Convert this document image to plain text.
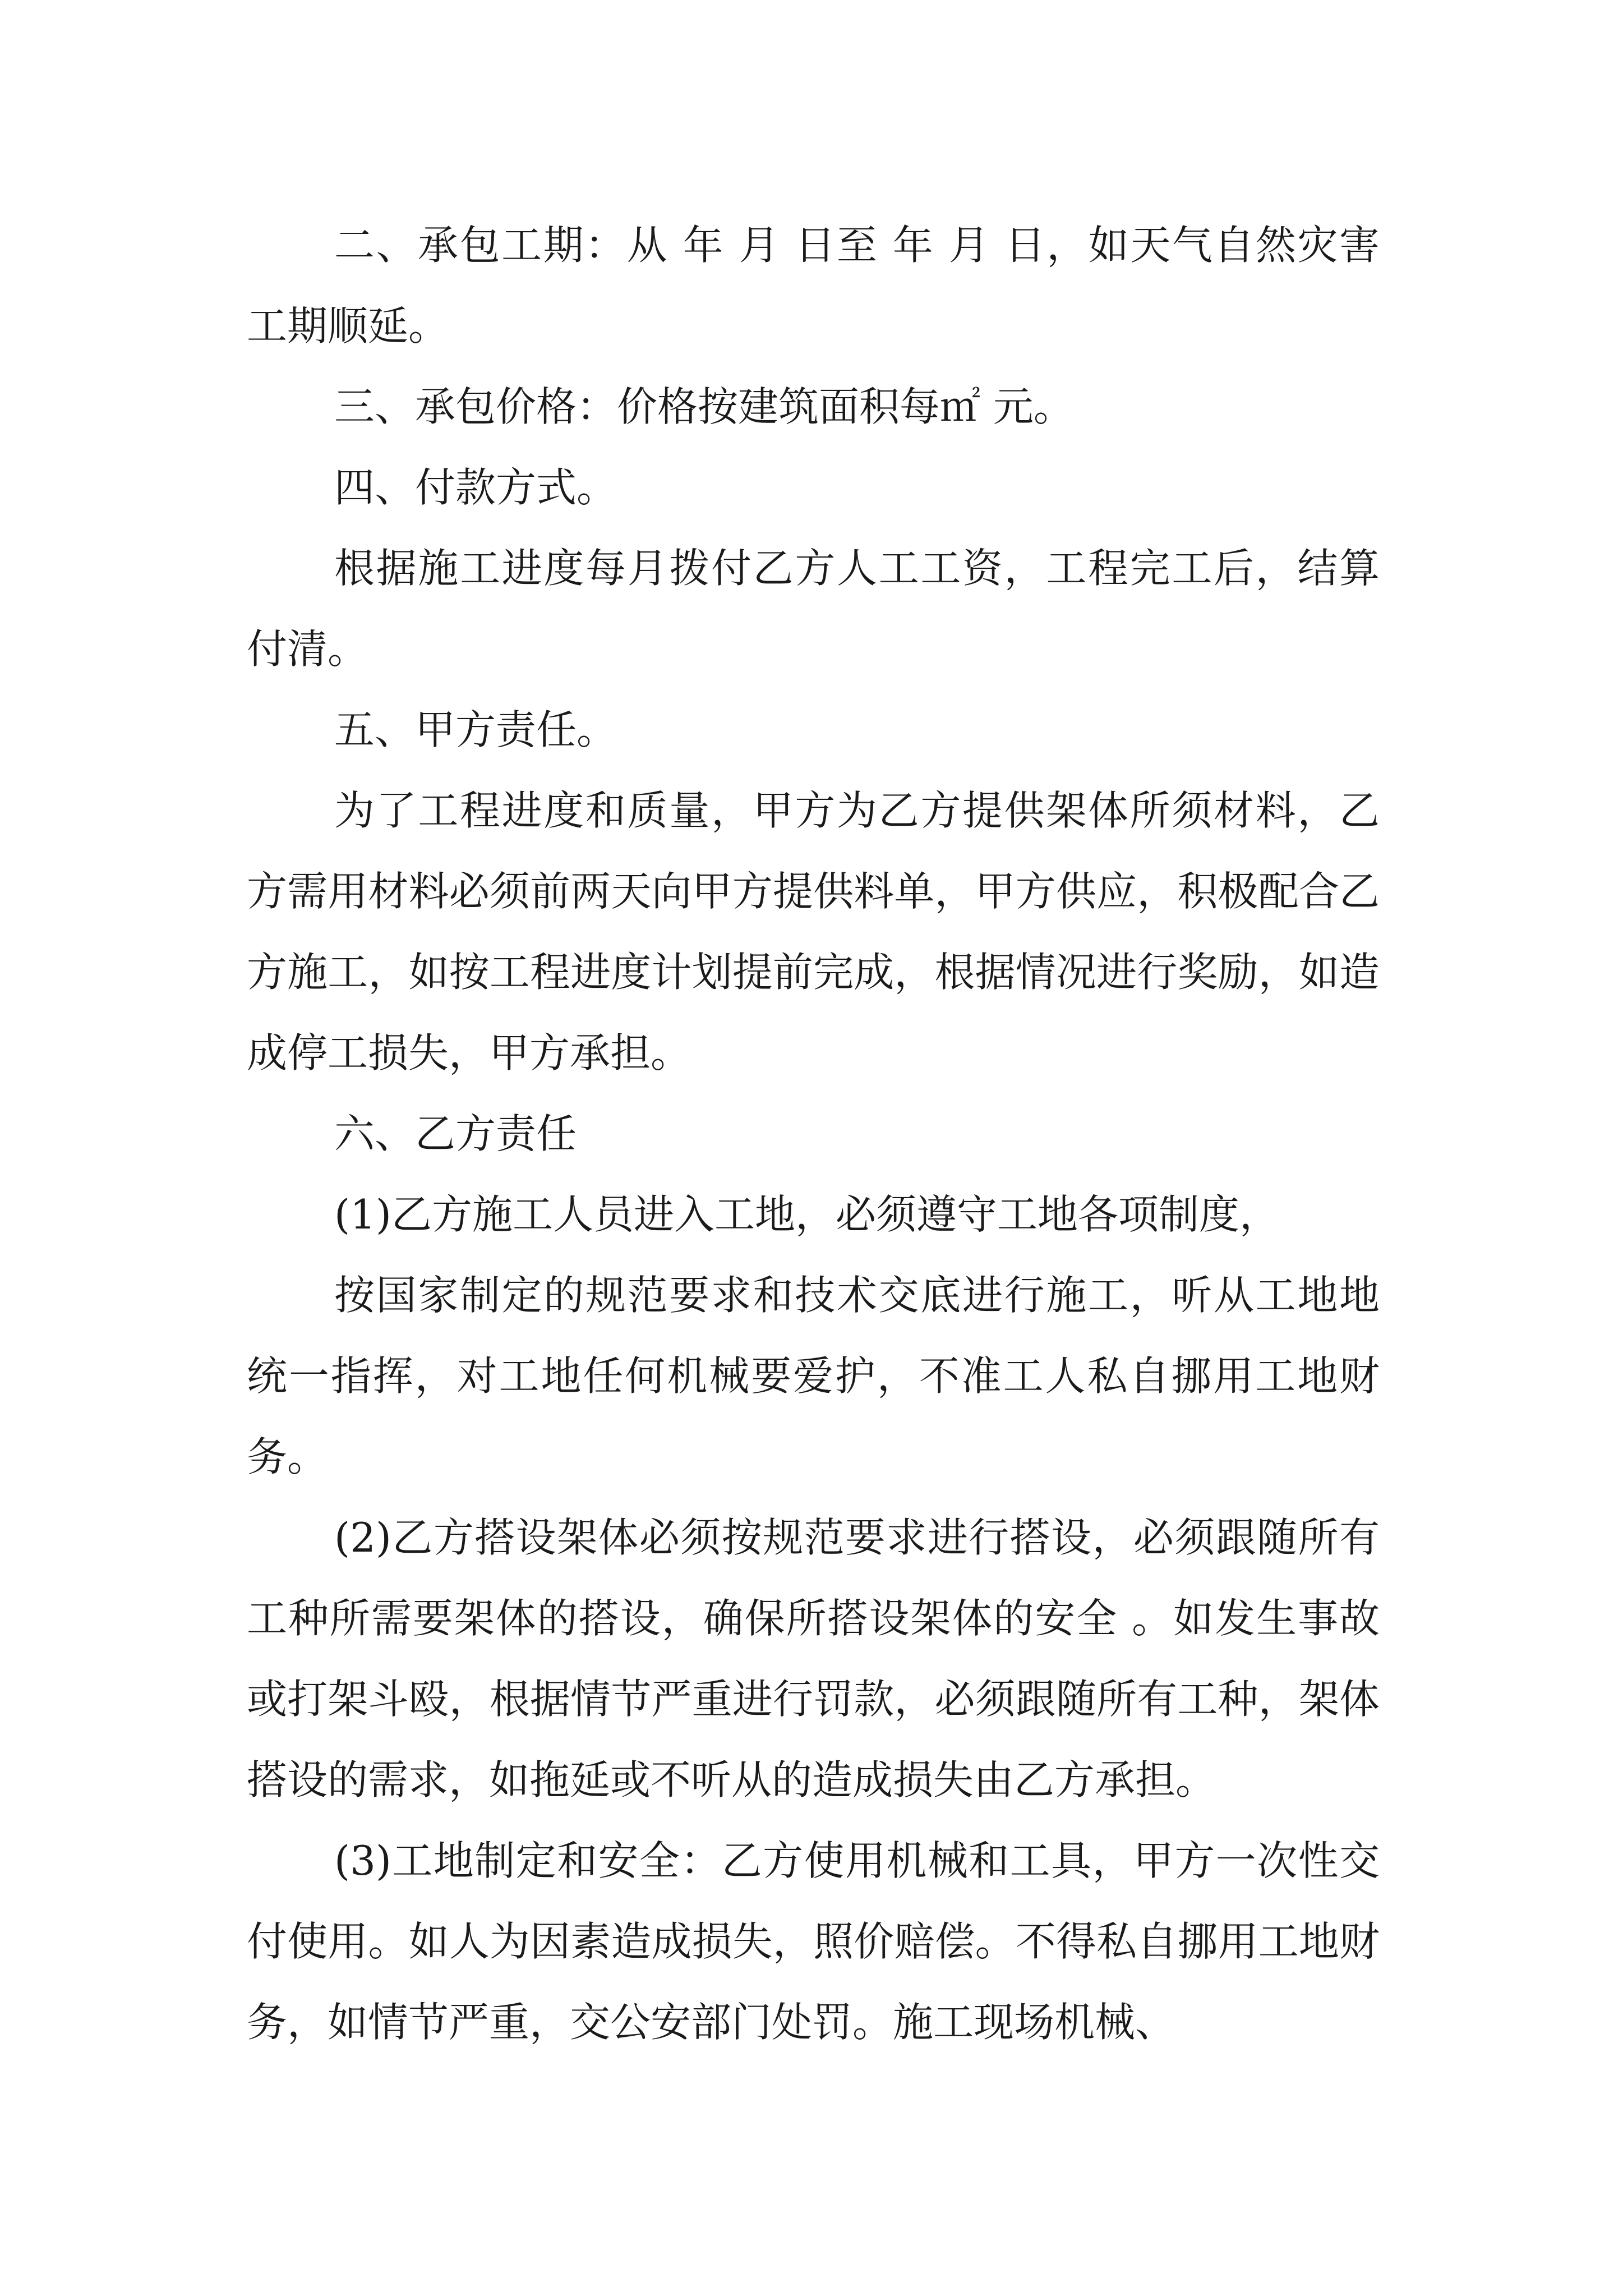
二、承包工期：从 年 月 日至 年 月 日，如天气自然灾害工期顺延。

三、承包价格：价格按建筑面积每㎡ 元。

四、付款方式。

根据施工进度每月拨付乙方人工工资，工程完工后，结算付清。

五、甲方责任。

为了工程进度和质量，甲方为乙方提供架体所须材料，乙方需用材料必须前两天向甲方提供料单，甲方供应，积极配合乙方施工，如按工程进度计划提前完成，根据情况进行奖励，如造成停工损失，甲方承担。

六、乙方责任

(1)乙方施工人员进入工地，必须遵守工地各项制度，

按国家制定的规范要求和技术交底进行施工，听从工地地统一指挥，对工地任何机械要爱护，不准工人私自挪用工地财务。

(2)乙方搭设架体必须按规范要求进行搭设，必须跟随所有工种所需要架体的搭设，确保所搭设架体的安全 。如发生事故或打架斗殴，根据情节严重进行罚款，必须跟随所有工种，架体搭设的需求，如拖延或不听从的造成损失由乙方承担。

(3)工地制定和安全：乙方使用机械和工具，甲方一次性交付使用。如人为因素造成损失，照价赔偿。不得私自挪用工地财务，如情节严重，交公安部门处罚。施工现场机械、
